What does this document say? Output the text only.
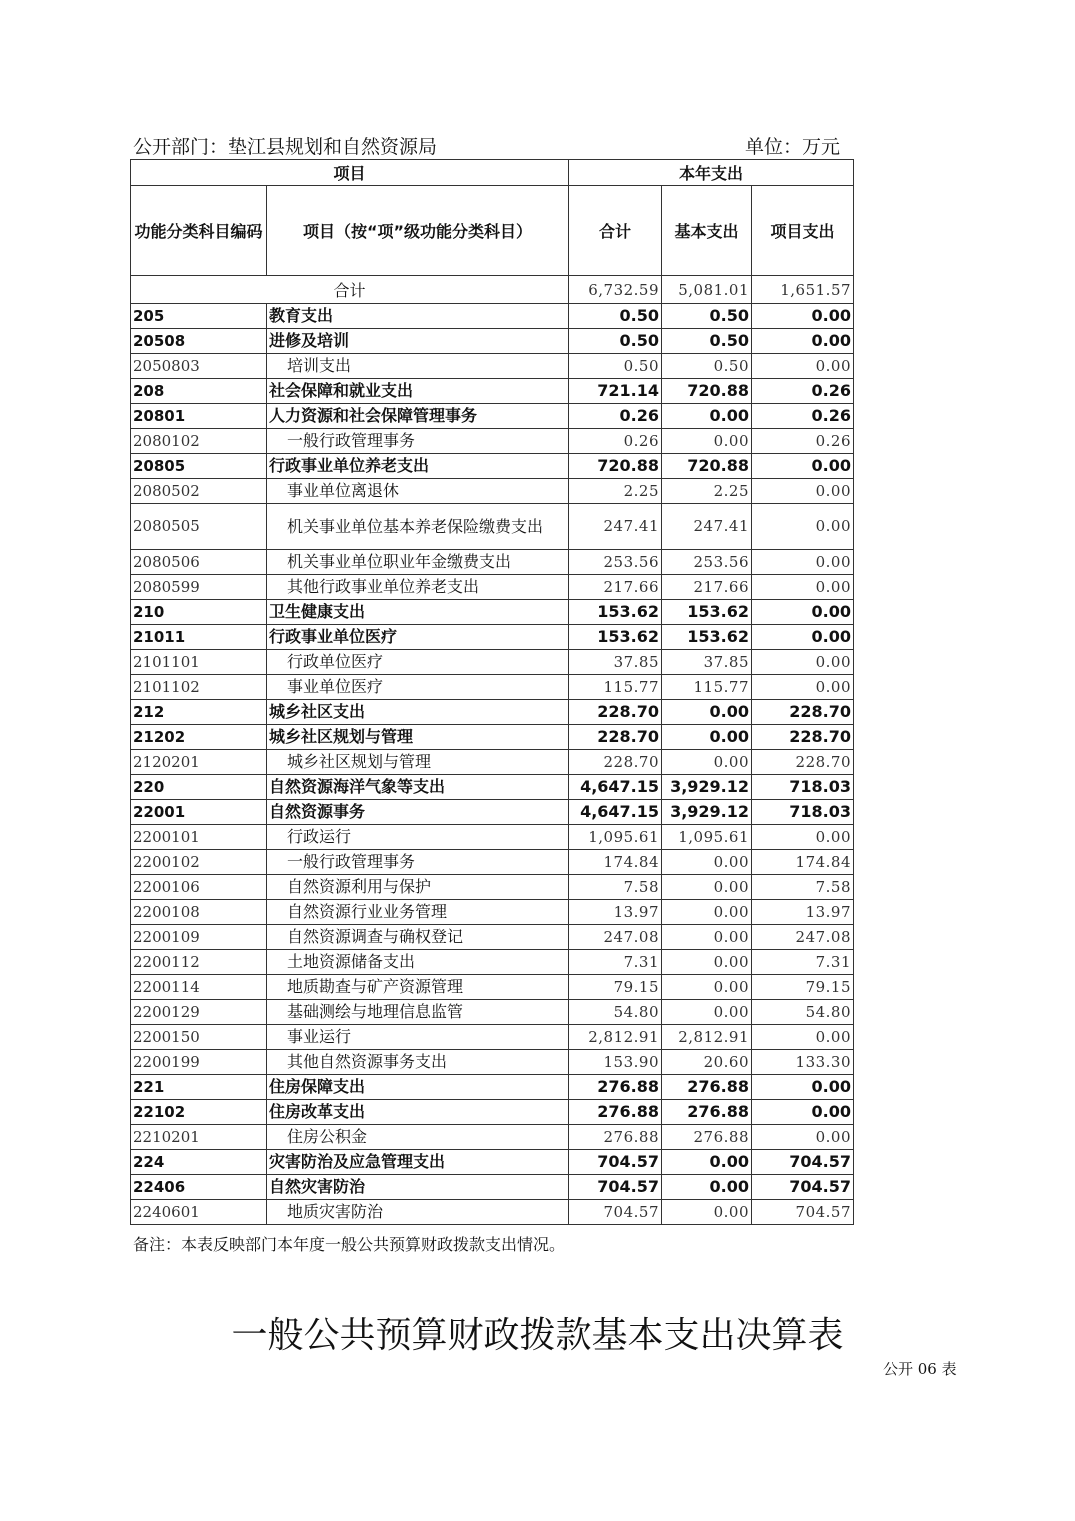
公开部门：垫江县规划和自然资源局	单位：万元
项目		本年支出		
功能分类科目编码	项目（按“项”级功能分类科目）	合计	基本支出	项目支出
合计		6,732.59	5,081.01	1,651.57
205	教育支出	0.50	0.50	0.00
20508	进修及培训	0.50	0.50	0.00
2050803	培训支出	0.50	0.50	0.00
208	社会保障和就业支出	721.14	720.88	0.26
20801	人力资源和社会保障管理事务	0.26	0.00	0.26
2080102	一般行政管理事务	0.26	0.00	0.26
20805	行政事业单位养老支出	720.88	720.88	0.00
2080502	事业单位离退休	2.25	2.25	0.00
2080505	机关事业单位基本养老保险缴费支出	247.41	247.41	0.00
2080506	机关事业单位职业年金缴费支出	253.56	253.56	0.00
2080599	其他行政事业单位养老支出	217.66	217.66	0.00
210	卫生健康支出	153.62	153.62	0.00
21011	行政事业单位医疗	153.62	153.62	0.00
2101101	行政单位医疗	37.85	37.85	0.00
2101102	事业单位医疗	115.77	115.77	0.00
212	城乡社区支出	228.70	0.00	228.70
21202	城乡社区规划与管理	228.70	0.00	228.70
2120201	城乡社区规划与管理	228.70	0.00	228.70
220	自然资源海洋气象等支出	4,647.15	3,929.12	718.03
22001	自然资源事务	4,647.15	3,929.12	718.03
2200101	行政运行	1,095.61	1,095.61	0.00
2200102	一般行政管理事务	174.84	0.00	174.84
2200106	自然资源利用与保护	7.58	0.00	7.58
2200108	自然资源行业业务管理	13.97	0.00	13.97
2200109	自然资源调查与确权登记	247.08	0.00	247.08
2200112	土地资源储备支出	7.31	0.00	7.31
2200114	地质勘查与矿产资源管理	79.15	0.00	79.15
2200129	基础测绘与地理信息监管	54.80	0.00	54.80
2200150	事业运行	2,812.91	2,812.91	0.00
2200199	其他自然资源事务支出	153.90	20.60	133.30
221	住房保障支出	276.88	276.88	0.00
22102	住房改革支出	276.88	276.88	0.00
2210201	住房公积金	276.88	276.88	0.00
224	灾害防治及应急管理支出	704.57	0.00	704.57
22406	自然灾害防治	704.57	0.00	704.57
2240601	地质灾害防治	704.57	0.00	704.57
备注：本表反映部门本年度一般公共预算财政拨款支出情况。
一般公共预算财政拨款基本支出决算表
公开 06 表
